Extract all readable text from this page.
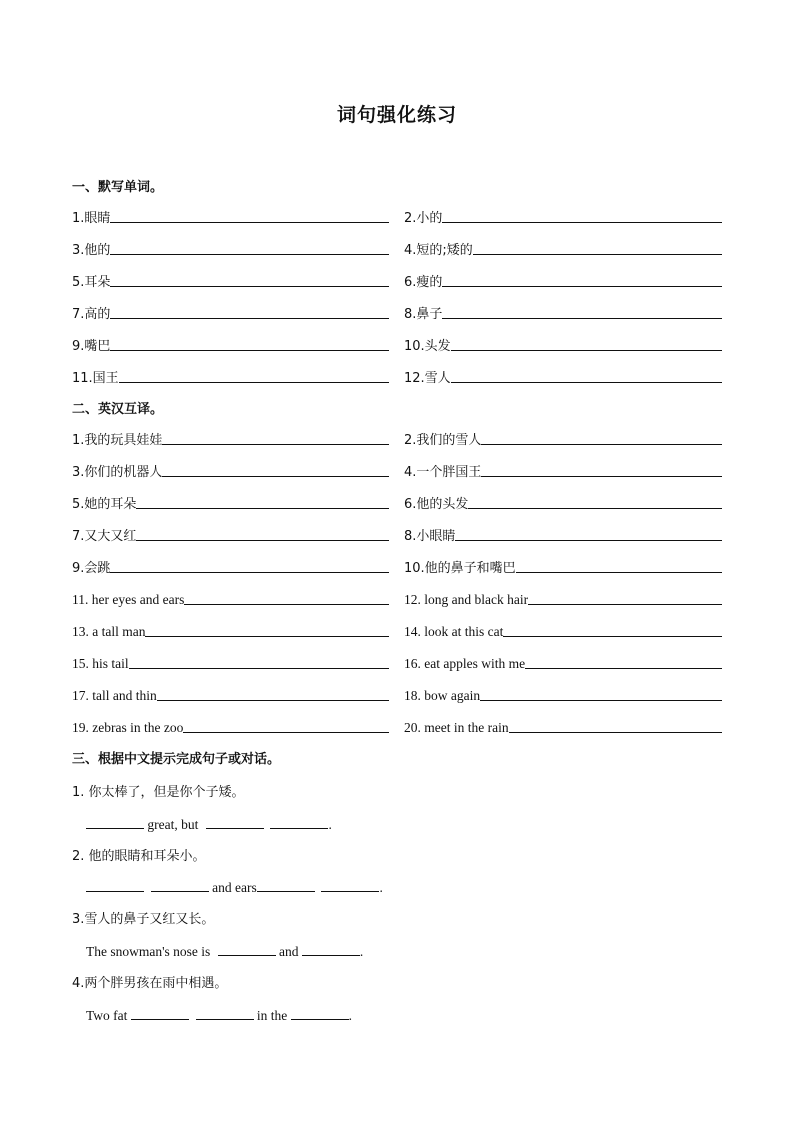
词句强化练习
一、默写单词。
1.眼睛	2.小的
3.他的	4.短的;矮的
5.耳朵	6.瘦的
7.高的	8.鼻子
9.嘴巴	10.头发
11.国王	12.雪人
二、英汉互译。
1.我的玩具娃娃	2.我们的雪人
3.你们的机器人	4.一个胖国王
5.她的耳朵	6.他的头发
7.又大又红	8.小眼睛
9.会跳	10.他的鼻子和嘴巴
11. her eyes and ears	12. long and black hair
13. a tall man	14. look at this cat
15. his tail	16. eat apples with me
17. tall and thin	18. bow again
19. zebras in the zoo	20. meet in the rain
三、根据中文提示完成句子或对话。
1. 你太棒了，但是你个子矮。
great, but	.
2. 他的眼睛和耳朵小。
and ears	.
3.雪人的鼻子又红又长。
The snowman's nose is	and	.
4.两个胖男孩在雨中相遇。
Two fat	in the	.
